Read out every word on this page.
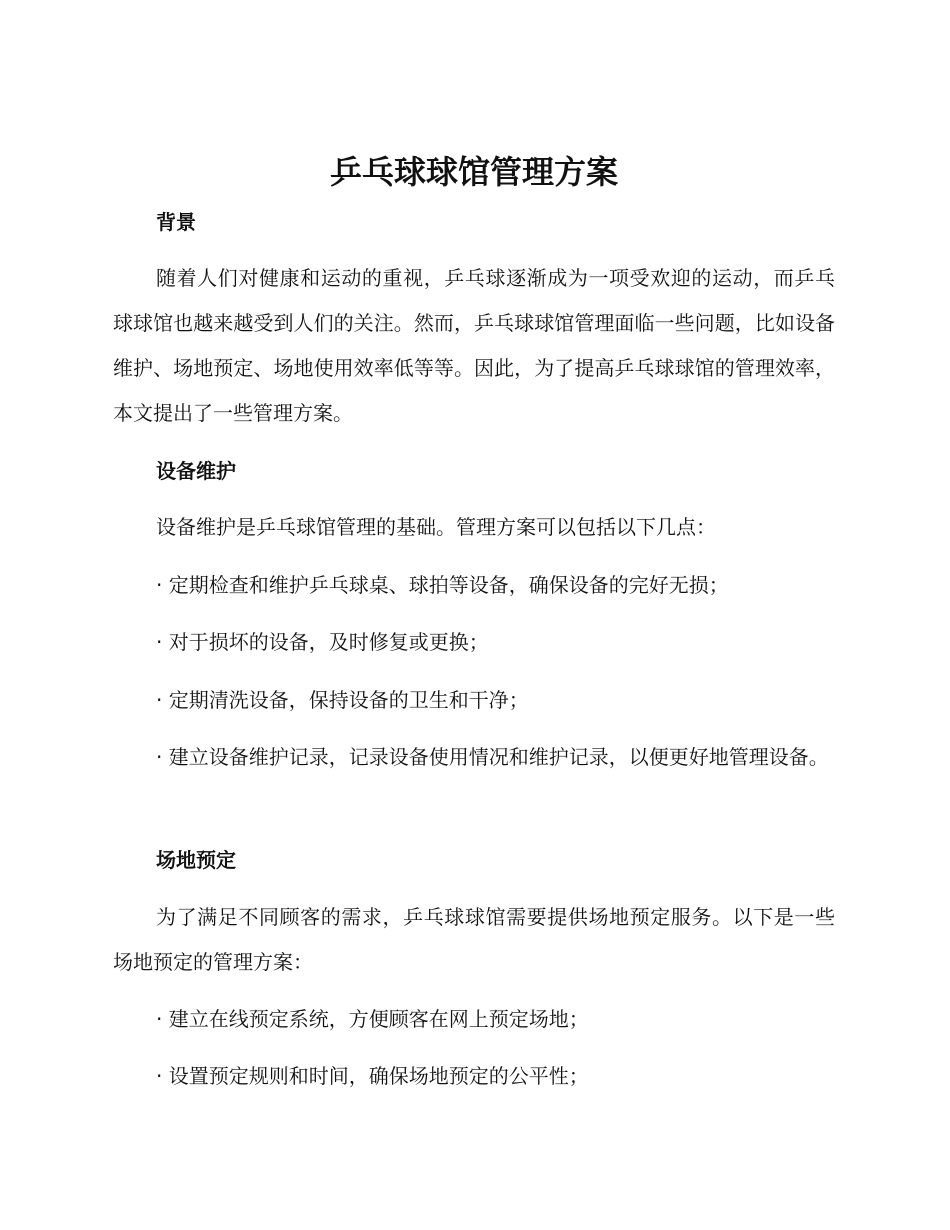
乒乓球球馆管理方案
背景

随着人们对健康和运动的重视，乒乓球逐渐成为一项受欢迎的运动，而乒乓球球馆也越来越受到人们的关注。然而，乒乓球球馆管理面临一些问题，比如设备维护、场地预定、场地使用效率低等等。因此，为了提高乒乓球球馆的管理效率，本文提出了一些管理方案。

设备维护

设备维护是乒乓球馆管理的基础。管理方案可以包括以下几点：

· 定期检查和维护乒乓球桌、球拍等设备，确保设备的完好无损；

· 对于损坏的设备，及时修复或更换；

· 定期清洗设备，保持设备的卫生和干净；

· 建立设备维护记录，记录设备使用情况和维护记录，以便更好地管理设备。

场地预定

为了满足不同顾客的需求，乒乓球球馆需要提供场地预定服务。以下是一些场地预定的管理方案：

· 建立在线预定系统，方便顾客在网上预定场地；

· 设置预定规则和时间，确保场地预定的公平性；
